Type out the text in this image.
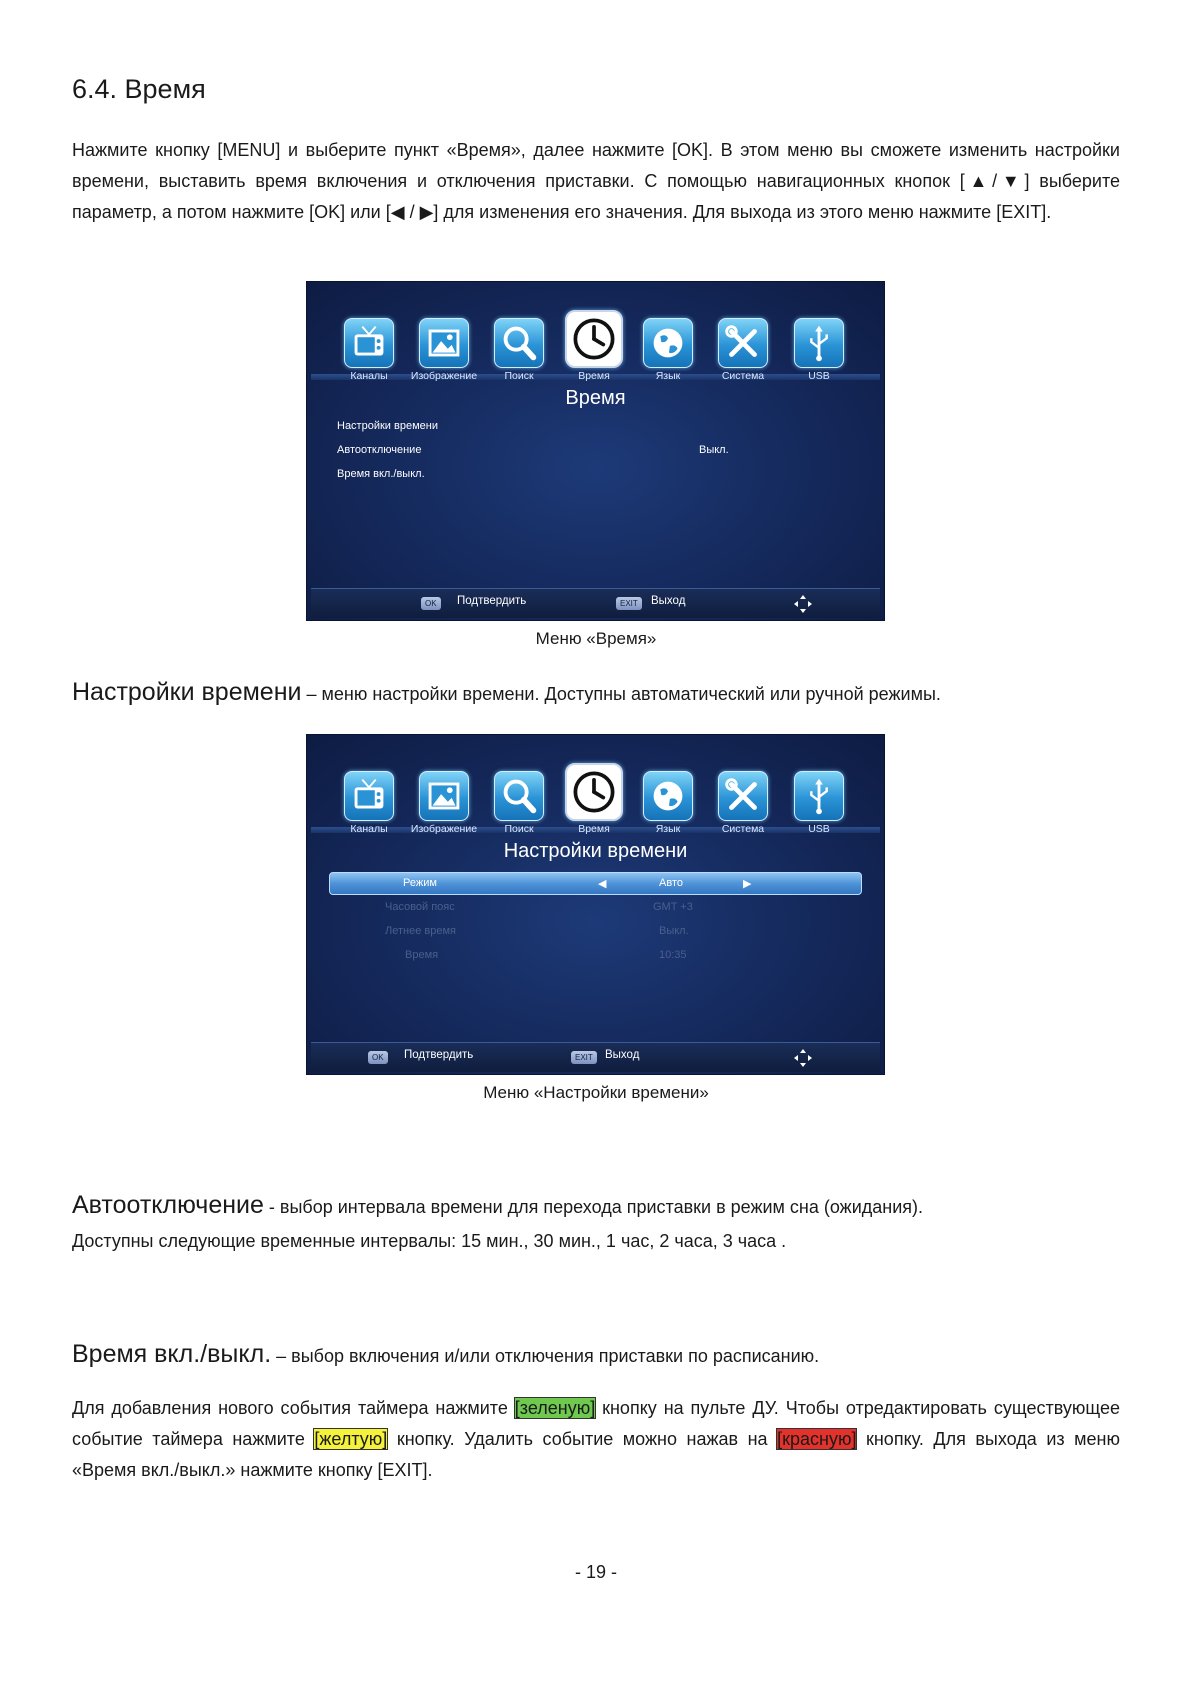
6.4. Время

Нажмите кнопку [MENU] и выберите пункт «Время», далее нажмите [OK]. В этом меню вы сможете изменить настройки времени, выставить время включения и отключения приставки. С помощью навигационных кнопок [▲/▼] выберите параметр, а потом нажмите [OK] или [◀ / ▶] для изменения его значения. Для выхода из этого меню нажмите [EXIT].

Каналы	Изображение	Поиск	Время	Язык	Система	USB
Время
Настройки времени
Автоотключение	Выкл.
Время вкл./выкл.
OK	Подтвердить	EXIT	Выход
Меню «Время»
Настройки времени – меню настройки времени. Доступны автоматический или ручной режимы.
Каналы	Изображение	Поиск	Время	Язык	Система	USB
Настройки времени
Режим	◀	Авто	▶
Часовой пояс	GMT +3
Летнее время	Выкл.
Время	10:35
OK	Подтвердить	EXIT	Выход
Меню «Настройки времени»
Автоотключение - выбор интервала времени для перехода приставки в режим сна (ожидания).

Доступны следующие временные интервалы: 15 мин., 30 мин., 1 час, 2 часа, 3 часа .

Время вкл./выкл. – выбор включения и/или отключения приставки по расписанию.

Для добавления нового события таймера нажмите [зеленую] кнопку на пульте ДУ. Чтобы отредактировать существующее событие таймера нажмите [желтую] кнопку. Удалить событие можно нажав на [красную] кнопку. Для выхода из меню «Время вкл./выкл.» нажмите кнопку [EXIT].

- 19 -
